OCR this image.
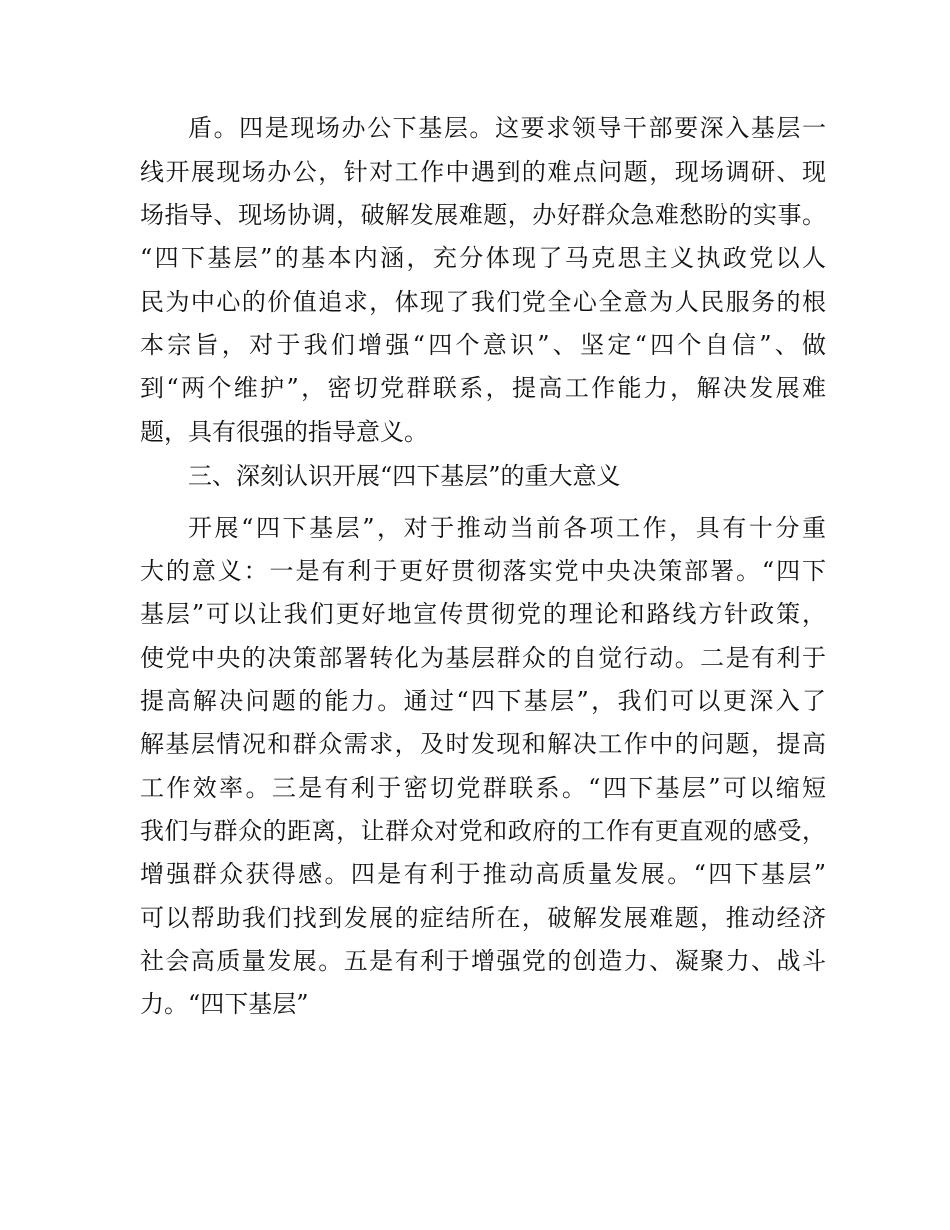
盾。四是现场办公下基层。这要求领导干部要深入基层一
线开展现场办公，针对工作中遇到的难点问题，现场调研、现
场指导、现场协调，破解发展难题，办好群众急难愁盼的实事。
“四下基层”的基本内涵，充分体现了马克思主义执政党以人
民为中心的价值追求，体现了我们党全心全意为人民服务的根
本宗旨，对于我们增强“四个意识”、坚定“四个自信”、做
到“两个维护”，密切党群联系，提高工作能力，解决发展难
题，具有很强的指导意义。
三、深刻认识开展“四下基层”的重大意义
开展“四下基层”，对于推动当前各项工作，具有十分重
大的意义：一是有利于更好贯彻落实党中央决策部署。“四下
基层”可以让我们更好地宣传贯彻党的理论和路线方针政策，
使党中央的决策部署转化为基层群众的自觉行动。二是有利于
提高解决问题的能力。通过“四下基层”，我们可以更深入了
解基层情况和群众需求，及时发现和解决工作中的问题，提高
工作效率。三是有利于密切党群联系。“四下基层”可以缩短
我们与群众的距离，让群众对党和政府的工作有更直观的感受，
增强群众获得感。四是有利于推动高质量发展。“四下基层”
可以帮助我们找到发展的症结所在，破解发展难题，推动经济
社会高质量发展。五是有利于增强党的创造力、凝聚力、战斗
力。“四下基层”
